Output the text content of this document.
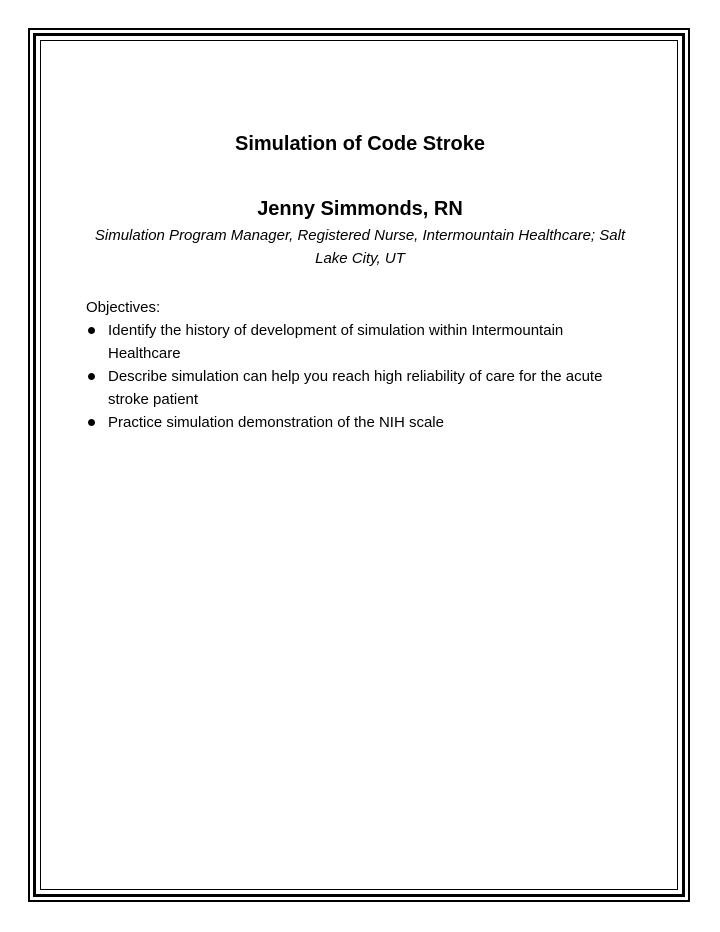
Simulation of Code Stroke
Jenny Simmonds, RN

Simulation Program Manager, Registered Nurse, Intermountain Healthcare; Salt Lake City, UT

Objectives:

Identify the history of development of simulation within Intermountain Healthcare
Describe simulation can help you reach high reliability of care for the acute stroke patient
Practice simulation demonstration of the NIH scale
